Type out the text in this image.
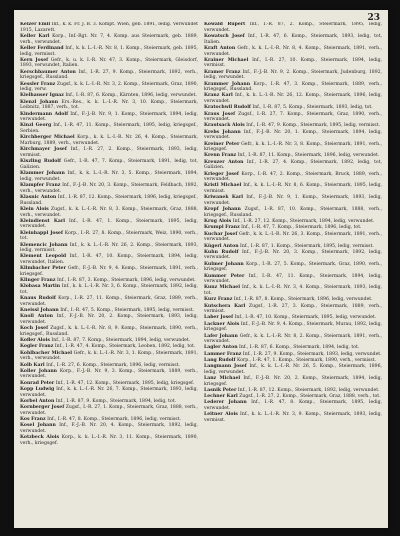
23

Keizer Emil Inf., k. k. Fr. J. B. 3. Kompt. Wien, geb. 1891, ledig. Verwundet 1915, Lazarett.

Keller Karl Korp., Inf.-Rgt. Nr. 7, 4. Komp. aus Steiermark, geb. 1889, verh., verwundet.

Keller Ferdinand Inf., k. k. L.-I.-R. Nr. 8, 1. Komp., Steiermark, geb. 1895, ledig, vermisst.

Kern Josef Gefr., k. u. k. I.-R. Nr. 47, 3. Komp., Steiermark, Gleisdorf, 1893, verwundet, Italien.

Kerschbaumer Anton Inf., I.-R. 27, 9. Komp., Steiermark, 1892, verh., kriegsgef., Russland.

Kessler Franz Zugsf., k. k. L.-I.-R. Nr. 3, 2. Komp., Steiermark, Graz, 1890, ledig, verw.

Kielhauser Ignaz Inf., I.-R. 87, 6. Komp., Kärnten, 1896, ledig, verwundet.

Kienzl Johann Ers.-Res., k. k. L.-I.-R. Nr. 3, 10. Komp., Steiermark, Leibnitz, 1887, verh., tot.

Kindermann Adolf Inf., F.-J.-B. Nr. 9, 1. Komp., Steiermark, 1894, ledig, verwundet.

Kinzl Georg Inf., I.-R. 47, 11. Komp., Steiermark, 1895, ledig, kriegsgef., Serbien.

Kirchberger Michael Korp., k. k. L.-I.-R. Nr. 26, 4. Komp., Steiermark, Marburg, 1889, verh., verwundet.

Kirchmayer Josef Inf., I.-R. 27, 2. Komp., Steiermark, 1893, ledig, vermisst.

Kiszling Rudolf Gefr., I.-R. 47, 7. Komp., Steiermark, 1891, ledig, tot, Galizien.

Klammer Johann Inf., k. k. L.-I.-R. Nr. 3, 5. Komp., Steiermark, 1894, ledig, verwundet.

Klampfer Franz Inf., F.-J.-B. Nr. 20, 3. Komp., Steiermark, Feldbach, 1892, verh., verwundet.

Klasnic Anton Inf., I.-R. 87, 12. Komp., Steiermark, 1896, ledig, kriegsgef., Russland.

Klein Alois Zugsf., k. k. L.-I.-R. Nr. 8, 3. Komp., Steiermark, Graz, 1888, verh., verwundet.

Kleindienst Karl Inf., I.-R. 47, 1. Komp., Steiermark, 1895, ledig, verwundet.

Kleinhappl Josef Korp., I.-R. 27, 8. Komp., Steiermark, Weiz, 1890, verh., tot.

Klemencic Johann Inf., k. k. L.-I.-R. Nr. 26, 2. Komp., Steiermark, 1893, ledig, vermisst.

Klement Leopold Inf., I.-R. 47, 10. Komp., Steiermark, 1894, ledig, verwundet, Italien.

Klimbacher Peter Gefr., F.-J.-B. Nr. 9, 4. Komp., Steiermark, 1891, verh., kriegsgef.

Klinger Franz Inf., I.-R. 87, 3. Komp., Steiermark, 1896, ledig, verwundet.

Klobasa Martin Inf., k. k. L.-I.-R. Nr. 3, 6. Komp., Steiermark, 1892, ledig, tot.

Knaus Rudolf Korp., I.-R. 27, 11. Komp., Steiermark, Graz, 1889, verh., verwundet.

Kneissl Johann Inf., I.-R. 47, 5. Komp., Steiermark, 1895, ledig, vermisst.

Knoll Anton Inf., F.-J.-B. Nr. 20, 2. Komp., Steiermark, 1893, ledig, verwundet.

Koch Josef Zugsf., k. k. L.-I.-R. Nr. 8, 9. Komp., Steiermark, 1890, verh., kriegsgef., Russland.

Kofler Alois Inf., I.-R. 87, 7. Komp., Steiermark, 1894, ledig, verwundet.

Kogler Franz Inf., I.-R. 47, 4. Komp., Steiermark, Leoben, 1892, ledig, tot.

Kohlbacher Michael Gefr., k. k. L.-I.-R. Nr. 3, 1. Komp., Steiermark, 1891, verh., verwundet.

Kolb Karl Inf., I.-R. 27, 6. Komp., Steiermark, 1896, ledig, vermisst.

Koller Johann Korp., F.-J.-B. Nr. 9, 3. Komp., Steiermark, 1889, verh., verwundet.

Konrad Peter Inf., I.-R. 47, 12. Komp., Steiermark, 1895, ledig, kriegsgef.

Kopp Ludwig Inf., k. k. L.-I.-R. Nr. 26, 7. Komp., Steiermark, 1893, ledig, verwundet.

Korbel Anton Inf., I.-R. 87, 9. Komp., Steiermark, 1894, ledig, tot.

Kornberger Josef Zugsf., I.-R. 27, 1. Komp., Steiermark, Graz, 1888, verh., verwundet.

Kos Franz Inf., I.-R. 47, 8. Komp., Steiermark, 1896, ledig, vermisst.

Kosel Johann Inf., F.-J.-B. Nr. 20, 4. Komp., Steiermark, 1892, ledig, verwundet.

Kotzbeck Alois Korp., k. k. L.-I.-R. Nr. 3, 11. Komp., Steiermark, 1890, verh., kriegsgef.

Kowald Rupert Inf., I.-R. 87, 2. Komp., Steiermark, 1895, ledig, verwundet.

Kowatsch Josef Inf., I.-R. 47, 6. Komp., Steiermark, 1893, ledig, tot, Italien.

Kraft Anton Gefr., k. k. L.-I.-R. Nr. 8, 4. Komp., Steiermark, 1891, verh., verwundet.

Krainer Michael Inf., I.-R. 27, 10. Komp., Steiermark, 1894, ledig, vermisst.

Kramer Franz Inf., F.-J.-B. Nr. 9, 2. Komp., Steiermark, Judenburg, 1892, ledig, verwundet.

Krammer Johann Korp., I.-R. 47, 3. Komp., Steiermark, 1889, verh., kriegsgef., Russland.

Kranz Karl Inf., k. k. L.-I.-R. Nr. 26, 12. Komp., Steiermark, 1896, ledig, verwundet.

Kratochwil Rudolf Inf., I.-R. 87, 5. Komp., Steiermark, 1893, ledig, tot.

Kraus Josef Zugsf., I.-R. 27, 7. Komp., Steiermark, Graz, 1890, verh., verwundet.

Krautsack Alois Inf., I.-R. 47, 9. Komp., Steiermark, 1895, ledig, vermisst.

Krebs Johann Inf., F.-J.-B. Nr. 20, 1. Komp., Steiermark, 1894, ledig, verwundet.

Kreiner Peter Gefr., k. k. L.-I.-R. Nr. 3, 8. Komp., Steiermark, 1891, verh., kriegsgef.

Krenn Franz Inf., I.-R. 87, 11. Komp., Steiermark, 1896, ledig, verwundet.

Kreuzer Anton Inf., I.-R. 27, 4. Komp., Steiermark, 1892, ledig, tot, Galizien.

Krieger Josef Korp., I.-R. 47, 2. Komp., Steiermark, Bruck, 1889, verh., verwundet.

Kristl Michael Inf., k. k. L.-I.-R. Nr. 8, 6. Komp., Steiermark, 1895, ledig, vermisst.

Kriwanek Karl Inf., F.-J.-B. Nr. 9, 1. Komp., Steiermark, 1893, ledig, verwundet.

Kropf Johann Zugsf., I.-R. 87, 10. Komp., Steiermark, 1888, verh., kriegsgef., Russland.

Krug Alois Inf., I.-R. 27, 12. Komp., Steiermark, 1894, ledig, verwundet.

Krumpl Franz Inf., I.-R. 47, 7. Komp., Steiermark, 1896, ledig, tot.

Kuchar Josef Gefr., k. k. L.-I.-R. Nr. 26, 3. Komp., Steiermark, 1891, verh., verwundet.

Kügerl Anton Inf., I.-R. 87, 1. Komp., Steiermark, 1895, ledig, vermisst.

Kuhn Rudolf Inf., F.-J.-B. Nr. 20, 3. Komp., Steiermark, 1892, ledig, verwundet.

Kulmer Johann Korp., I.-R. 27, 5. Komp., Steiermark, Graz, 1890, verh., kriegsgef.

Kummer Peter Inf., I.-R. 47, 11. Komp., Steiermark, 1894, ledig, verwundet.

Kunz Michael Inf., k. k. L.-I.-R. Nr. 3, 4. Komp., Steiermark, 1893, ledig, tot.

Kurz Franz Inf., I.-R. 87, 8. Komp., Steiermark, 1896, ledig, verwundet.

Kutschera Karl Zugsf., I.-R. 27, 3. Komp., Steiermark, 1889, verh., vermisst.

Laber Josef Inf., I.-R. 47, 10. Komp., Steiermark, 1895, ledig, verwundet.

Lackner Alois Inf., F.-J.-B. Nr. 9, 4. Komp., Steiermark, Murau, 1892, ledig, kriegsgef.

Lafer Johann Gefr., k. k. L.-I.-R. Nr. 8, 2. Komp., Steiermark, 1891, verh., verwundet.

Lagler Anton Inf., I.-R. 87, 6. Komp., Steiermark, 1894, ledig, tot.

Lammer Franz Inf., I.-R. 27, 9. Komp., Steiermark, 1893, ledig, verwundet.

Lang Rudolf Korp., I.-R. 47, 1. Komp., Steiermark, 1890, verh., vermisst.

Langmann Josef Inf., k. k. L.-I.-R. Nr. 26, 5. Komp., Steiermark, 1896, ledig, verwundet.

Lanz Michael Inf., F.-J.-B. Nr. 20, 2. Komp., Steiermark, 1894, ledig, kriegsgef.

Lasnik Peter Inf., I.-R. 87, 12. Komp., Steiermark, 1892, ledig, verwundet.

Lechner Karl Zugsf., I.-R. 27, 2. Komp., Steiermark, Graz, 1888, verh., tot.

Lederer Johann Inf., I.-R. 47, 8. Komp., Steiermark, 1895, ledig, verwundet.

Leitner Alois Inf., k. k. L.-I.-R. Nr. 3, 9. Komp., Steiermark, 1893, ledig, vermisst.
